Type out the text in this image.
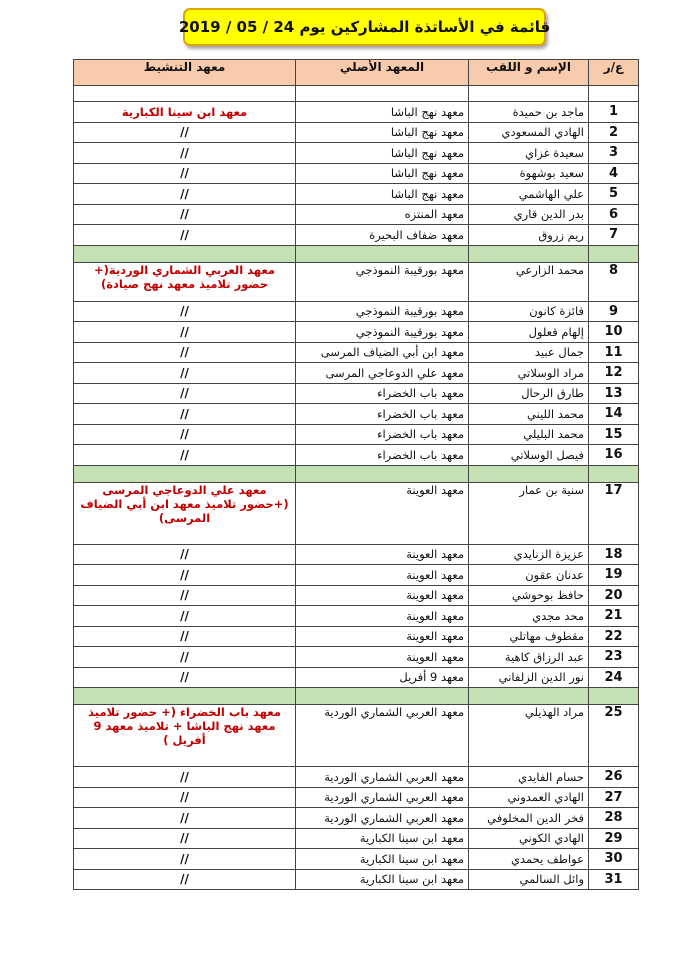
قائمة في الأساتذة المشاركين يوم 24 / 05 / 2019
ع/ر	الإسم و اللقب	المعهد الأصلي	معهد التنشيط

1	ماجد بن حميدة	معهد نهج الباشا	معهد ابن سينا الكبارية
2	الهادي المسعودي	معهد نهج الباشا	//
3	سعيدة غزاي	معهد نهج الباشا	//
4	سعيد بوشهوة	معهد نهج الباشا	//
5	علي الهاشمي	معهد نهج الباشا	//
6	بدر الدين قاري	معهد المنتزه	//
7	ريم زروق	معهد ضفاف البحيرة	//

8	محمد الزارعي	معهد بورقيبة النموذجي	معهد العربي الشماري الوردية(+ حضور تلاميذ معهد نهج صيادة)
9	فائزة كانون	معهد بورقيبة النموذجي	//
10	إلهام قعلول	معهد بورقيبة النموذجي	//
11	جمال عبيد	معهد ابن أبي الضياف المرسى	//
12	مراد الوسلاتي	معهد علي الدوعاجي المرسى	//
13	طارق الرحال	معهد باب الخضراء	//
14	محمد الليني	معهد باب الخضراء	//
15	محمد البليلي	معهد باب الخضراء	//
16	فيصل الوسلاتي	معهد باب الخضراء	//

17	سنية بن عمار	معهد العوينة	معهد علي الدوعاجي المرسى (+حضور تلاميذ معهد ابن أبي الضياف المرسى)
18	عزيزة الزنايدي	معهد العوينة	//
19	عدنان عقون	معهد العوينة	//
20	حافظ بوحوشي	معهد العوينة	//
21	محد مجدي	معهد العوينة	//
22	مقطوف مهاتلي	معهد العوينة	//
23	عبد الرزاق كاهية	معهد العوينة	//
24	نور الدين الزلفاني	معهد 9 أفريل	//

25	مراد الهذيلي	معهد العربي الشماري الوردية	معهد باب الخضراء (+ حضور تلاميذ معهد نهج الباشا + تلاميذ معهد 9 أفريل )
26	حسام الفايدي	معهد العربي الشماري الوردية	//
27	الهادي العمدوني	معهد العربي الشماري الوردية	//
28	فخر الدين المخلوفي	معهد العربي الشماري الوردية	//
29	الهادي الكوني	معهد ابن سينا الكبارية	//
30	عواطف يحمدي	معهد ابن سينا الكبارية	//
31	وائل السالمي	معهد ابن سينا الكبارية	//
